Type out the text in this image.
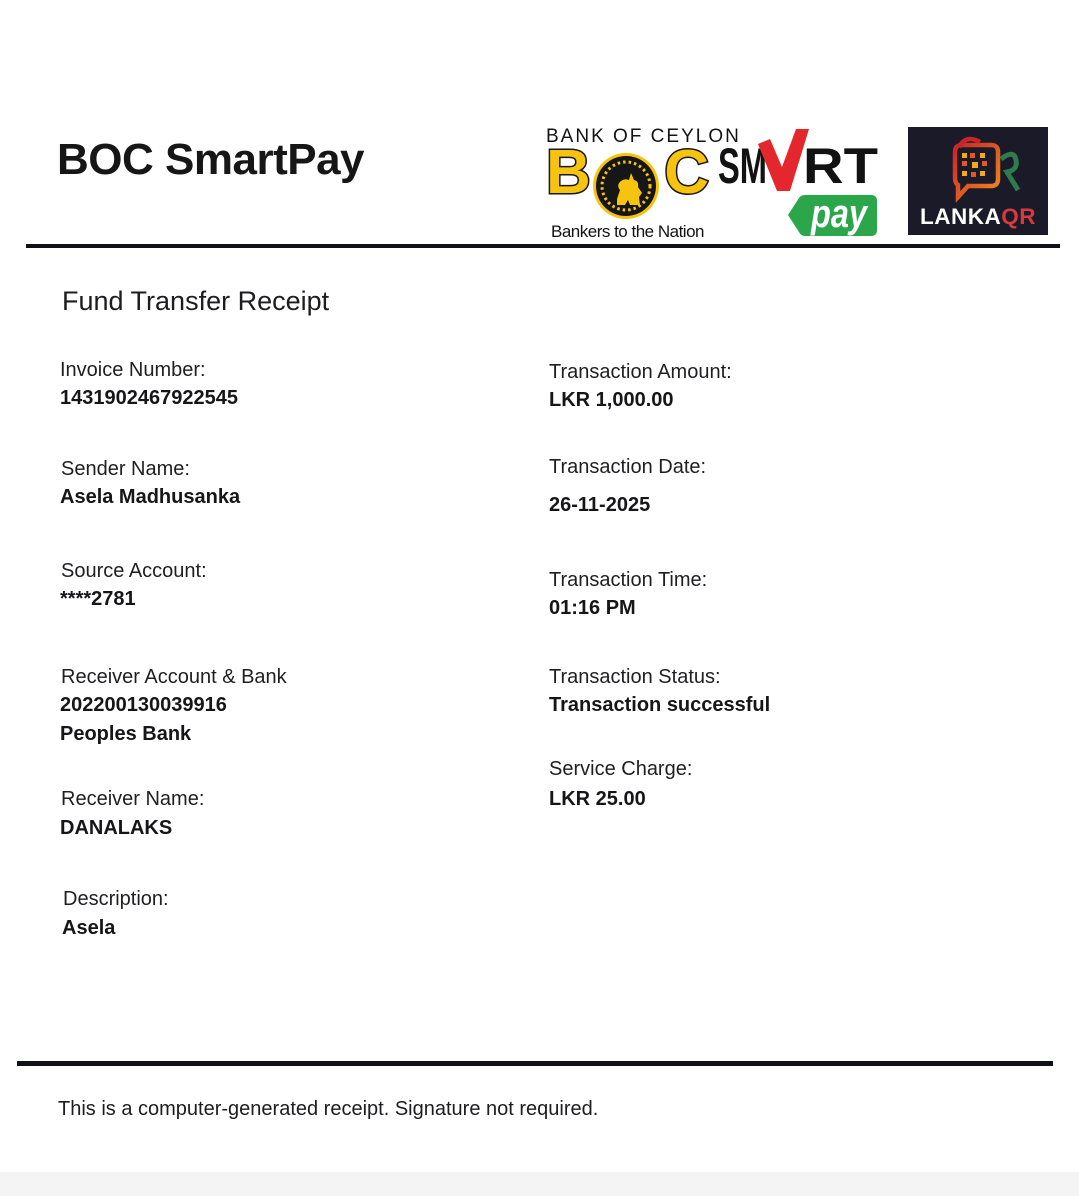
BOC SmartPay	BANK OF CEYLON
B C
Bankers to the Nation
SM RT
pay LANKAQR
Fund Transfer Receipt
Invoice Number:
1431902467922545
Sender Name:
Asela Madhusanka
Source Account:
****2781
Receiver Account & Bank
202200130039916
Peoples Bank
Receiver Name:
DANALAKS
Description:
Asela
Transaction Amount:
LKR 1,000.00
Transaction Date:
26-11-2025
Transaction Time:
01:16 PM
Transaction Status:
Transaction successful
Service Charge:
LKR 25.00
This is a computer-generated receipt. Signature not required.
